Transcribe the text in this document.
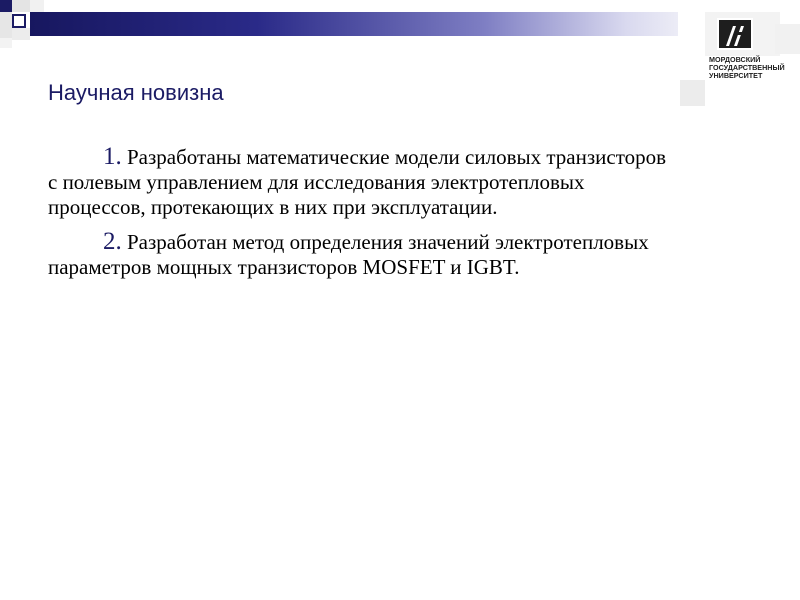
МОРДОВСКИЙ
ГОСУДАРСТВЕННЫЙ
УНИВЕРСИТЕТ
Научная новизна

1. Разработаны математические модели силовых транзисторов с полевым управлением для исследования электротепловых процессов, протекающих в них при эксплуатации.

2. Разработан метод определения значений электротепловых параметров мощных транзисторов MOSFET и IGBT.
